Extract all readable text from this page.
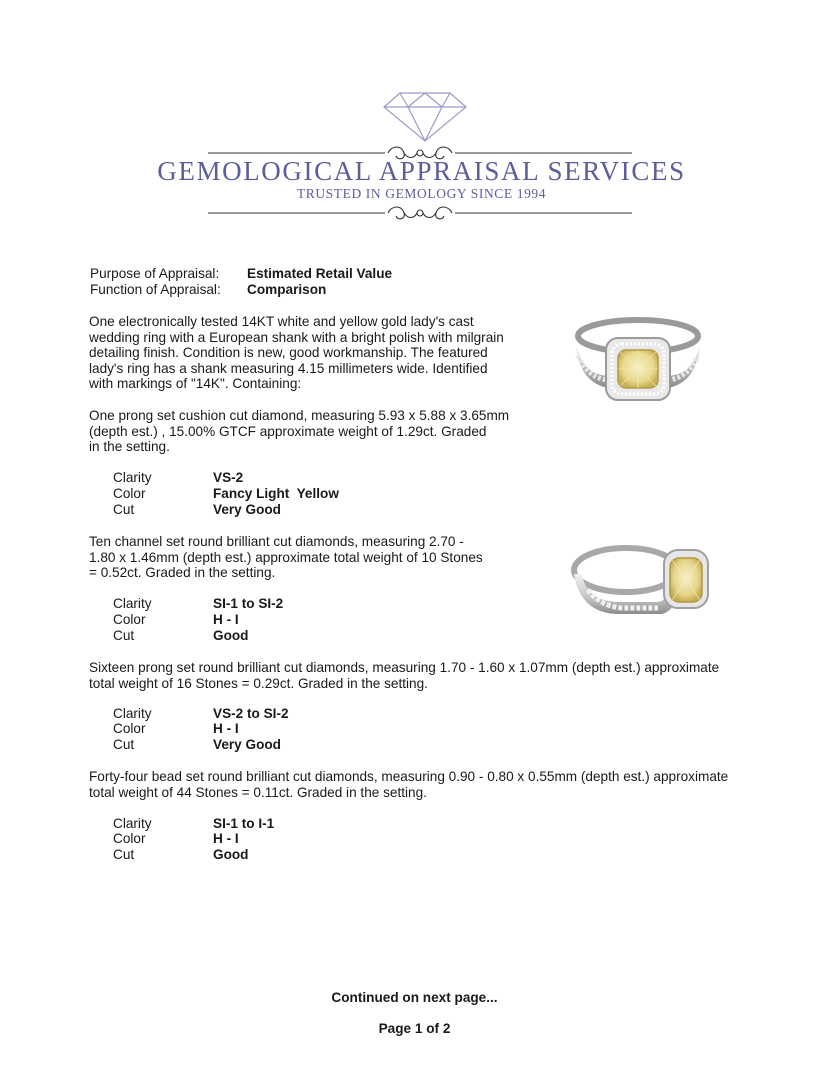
GEMOLOGICAL APPRAISAL SERVICES
TRUSTED IN GEMOLOGY SINCE 1994
Purpose of Appraisal: Estimated Retail Value
Function of Appraisal: Comparison
One electronically tested 14KT white and yellow gold lady's cast
wedding ring with a European shank with a bright polish with milgrain
detailing finish. Condition is new, good workmanship. The featured
lady's ring has a shank measuring 4.15 millimeters wide. Identified
with markings of "14K". Containing:
One prong set cushion cut diamond, measuring 5.93 x 5.88 x 3.65mm
(depth est.) , 15.00% GTCF approximate weight of 1.29ct. Graded
in the setting.
Clarity	VS-2
Color	Fancy Light  Yellow
Cut	Very Good
Ten channel set round brilliant cut diamonds, measuring 2.70 -
1.80 x 1.46mm (depth est.) approximate total weight of 10 Stones
= 0.52ct. Graded in the setting.
Clarity	SI-1 to SI-2
Color	H - I
Cut	Good
Sixteen prong set round brilliant cut diamonds, measuring 1.70 - 1.60 x 1.07mm (depth est.) approximate
total weight of 16 Stones = 0.29ct. Graded in the setting.
Clarity	VS-2 to SI-2
Color	H - I
Cut	Very Good
Forty-four bead set round brilliant cut diamonds, measuring 0.90 - 0.80 x 0.55mm (depth est.) approximate
total weight of 44 Stones = 0.11ct. Graded in the setting.
Clarity	SI-1 to I-1
Color	H - I
Cut	Good
Continued on next page...
Page 1 of 2
